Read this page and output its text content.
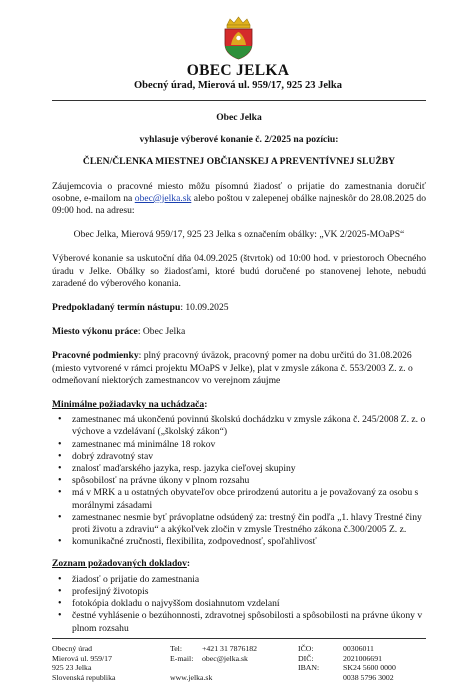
OBEC JELKA
Obecný úrad, Mierová ul. 959/17, 925 23 Jelka

Obec Jelka

vyhlasuje výberové konanie č. 2/2025 na pozíciu:

ČLEN/ČLENKA MIESTNEJ OBČIANSKEJ A PREVENTÍVNEJ SLUŽBY

Záujemcovia o pracovné miesto môžu písomnú žiadosť o prijatie do zamestnania doručiť osobne, e-mailom na obec@jelka.sk alebo poštou v zalepenej obálke najneskôr do 28.08.2025 do 09:00 hod. na adresu:

Obec Jelka, Mierová 959/17, 925 23 Jelka s označením obálky: „VK 2/2025-MOaPS“

Výberové konanie sa uskutoční dňa 04.09.2025 (štvrtok) od 10:00 hod. v priestoroch Obecného úradu v Jelke. Obálky so žiadosťami, ktoré budú doručené po stanovenej lehote, nebudú zaradené do výberového konania.

Predpokladaný termín nástupu: 10.09.2025

Miesto výkonu práce: Obec Jelka

Pracovné podmienky: plný pracovný úväzok, pracovný pomer na dobu určitú do 31.08.2026 (miesto vytvorené v rámci projektu MOaPS v Jelke), plat v zmysle zákona č. 553/2003 Z. z. o odmeňovaní niektorých zamestnancov vo verejnom záujme

Minimálne požiadavky na uchádzača:

• zamestnanec má ukončenú povinnú školskú dochádzku v zmysle zákona č. 245/2008 Z. z. o výchove a vzdelávaní („školský zákon“)
• zamestnanec má minimálne 18 rokov
• dobrý zdravotný stav
• znalosť maďarského jazyka, resp. jazyka cieľovej skupiny
• spôsobilosť na právne úkony v plnom rozsahu
• má v MRK a u ostatných obyvateľov obce prirodzenú autoritu a je považovaný za osobu s morálnymi zásadami
• zamestnanec nesmie byť právoplatne odsúdený za: trestný čin podľa „1. hlavy Trestné činy proti životu a zdraviu“ a akýkoľvek zločin v zmysle Trestného zákona č.300/2005 Z. z.
• komunikačné zručnosti, flexibilita, zodpovednosť, spoľahlivosť

Zoznam požadovaných dokladov:

• žiadosť o prijatie do zamestnania
• profesijný životopis
• fotokópia dokladu o najvyššom dosiahnutom vzdelaní
• čestné vyhlásenie o bezúhonnosti, zdravotnej spôsobilosti a spôsobilosti na právne úkony v plnom rozsahu
Obecný úrad
Mierová ul. 959/17
925 23 Jelka
Slovenská republika
Tel:
E-mail:

+421 31 7876182
obec@jelka.sk

www.jelka.sk
IČO:
DIČ:
IBAN:
00306011
2021006691
SK24 5600 0000
0038 5796 3002
